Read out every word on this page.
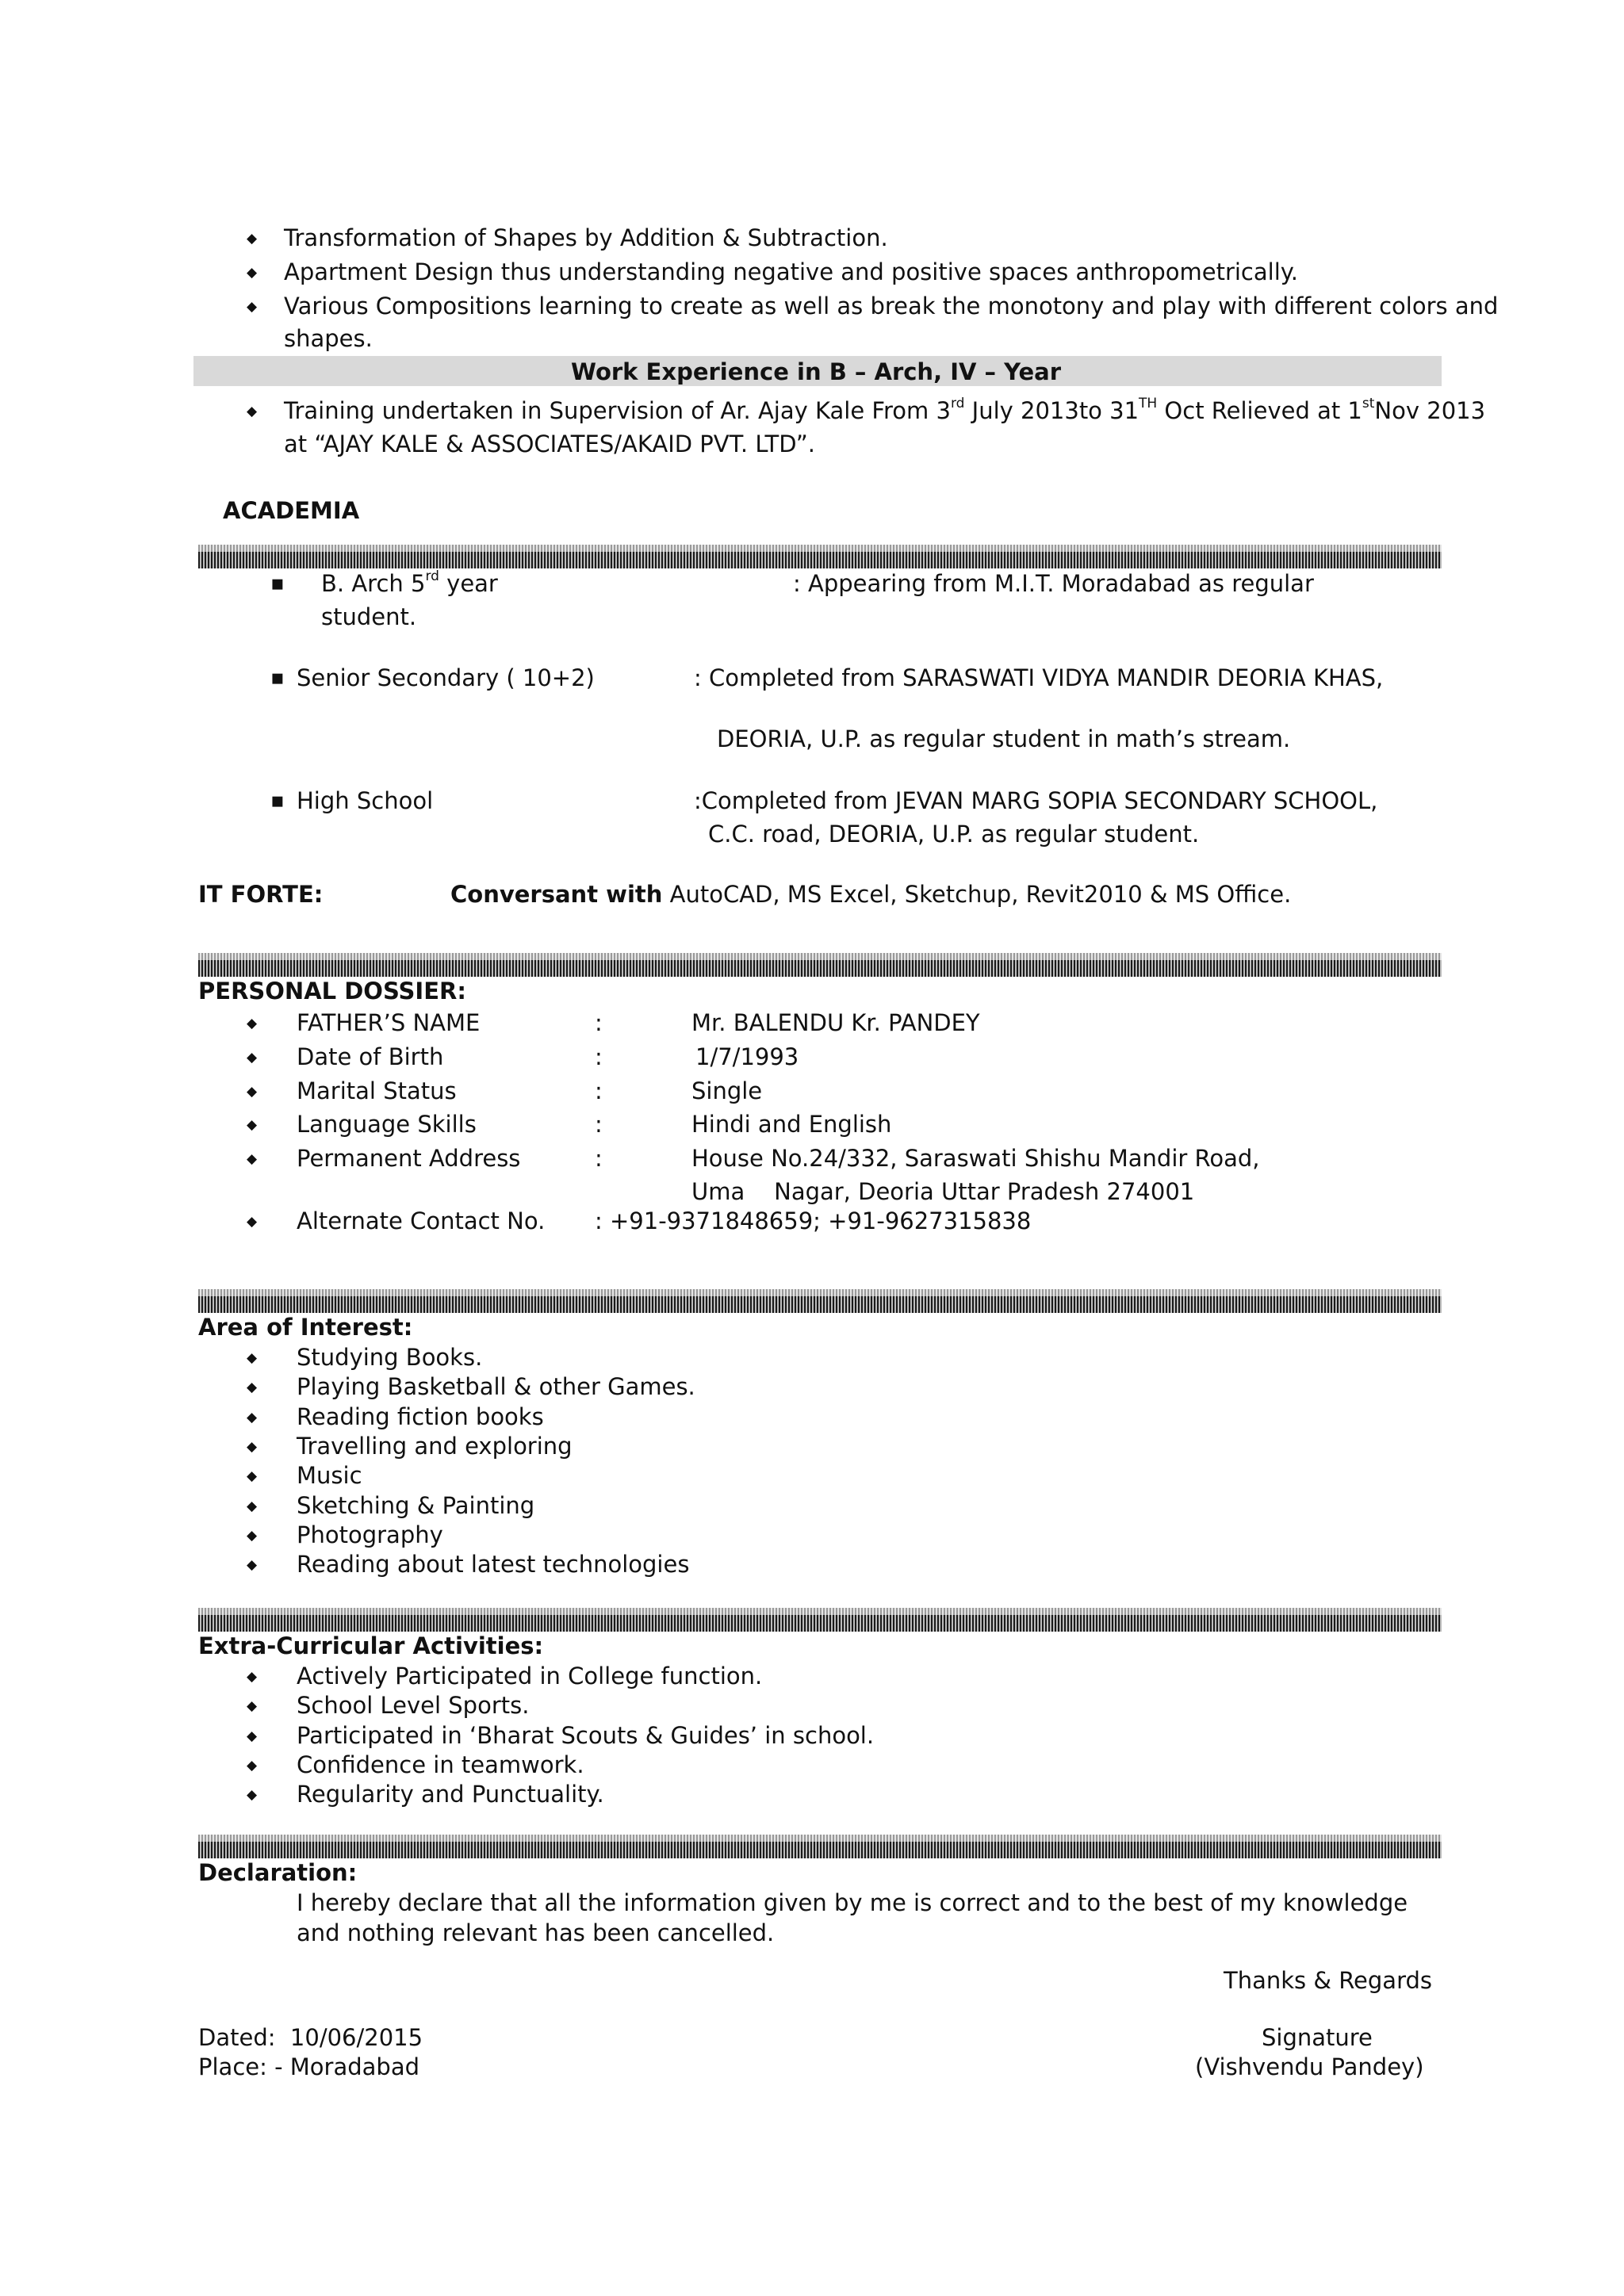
◆
Transformation of Shapes by Addition & Subtraction.
◆
Apartment Design thus understanding negative and positive spaces anthropometrically.
◆
Various Compositions learning to create as well as break the monotony and play with different colors and
shapes.
Work Experience in B – Arch, IV – Year
◆
Training undertaken in Supervision of Ar. Ajay Kale From 3rd July 2013to 31TH Oct Relieved at 1stNov 2013
at “AJAY KALE & ASSOCIATES/AKAID PVT. LTD”.
ACADEMIA
▪
B. Arch 5rd year	: Appearing from M.I.T. Moradabad as regular
student.
▪
Senior Secondary ( 10+2)	: Completed from SARASWATI VIDYA MANDIR DEORIA KHAS,
DEORIA, U.P. as regular student in math’s stream.
▪
High School	:Completed from JEVAN MARG SOPIA SECONDARY SCHOOL,
C.C. road, DEORIA, U.P. as regular student.
IT FORTE:	Conversant with AutoCAD, MS Excel, Sketchup, Revit2010 & MS Office.
PERSONAL DOSSIER:
◆
FATHER’S NAME	:	Mr. BALENDU Kr. PANDEY
◆
Date of Birth	:	1/7/1993
◆
Marital Status	:	Single
◆
Language Skills	:	Hindi and English
◆
Permanent Address	:	House No.24/332, Saraswati Shishu Mandir Road,
Uma    Nagar, Deoria Uttar Pradesh 274001
◆
Alternate Contact No. : +91-9371848659; +91-9627315838
Area of Interest:
◆
Studying Books.
◆
Playing Basketball & other Games.
◆
Reading fiction books
◆
Travelling and exploring
◆
Music
◆
Sketching & Painting
◆
Photography
◆
Reading about latest technologies
Extra-Curricular Activities:
◆
Actively Participated in College function.
◆
School Level Sports.
◆
Participated in ‘Bharat Scouts & Guides’ in school.
◆
Confidence in teamwork.
◆
Regularity and Punctuality.
Declaration:
I hereby declare that all the information given by me is correct and to the best of my knowledge
and nothing relevant has been cancelled.
Thanks & Regards
Dated:  10/06/2015
Place: - Moradabad
Signature
(Vishvendu Pandey)
